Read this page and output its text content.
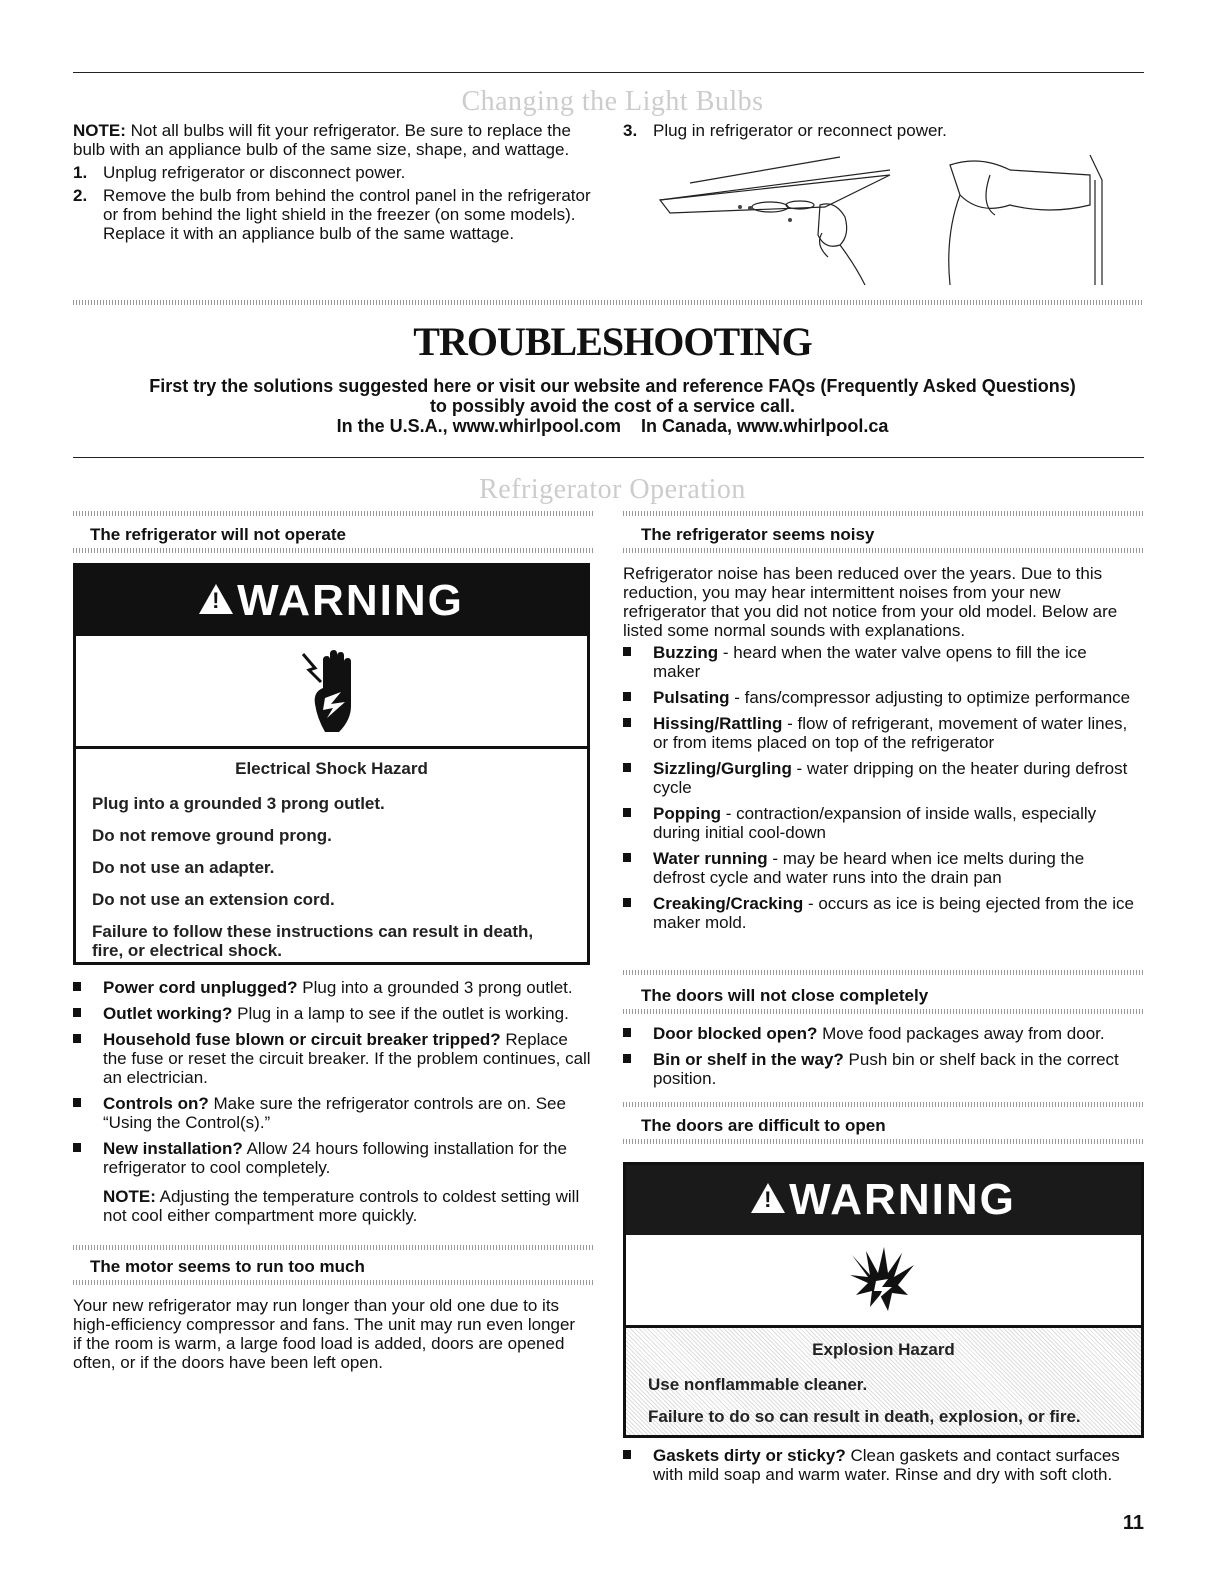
Changing the Light Bulbs
NOTE: Not all bulbs will fit your refrigerator. Be sure to replace the bulb with an appliance bulb of the same size, shape, and wattage.
1. Unplug refrigerator or disconnect power.
2. Remove the bulb from behind the control panel in the refrigerator or from behind the light shield in the freezer (on some models). Replace it with an appliance bulb of the same wattage.
3. Plug in refrigerator or reconnect power.
TROUBLESHOOTING
First try the solutions suggested here or visit our website and reference FAQs (Frequently Asked Questions)
to possibly avoid the cost of a service call.
In the U.S.A., www.whirlpool.com    In Canada, www.whirlpool.ca
Refrigerator Operation
The refrigerator will not operate
! WARNING
Electrical Shock Hazard

Plug into a grounded 3 prong outlet.

Do not remove ground prong.

Do not use an adapter.

Do not use an extension cord.

Failure to follow these instructions can result in death, fire, or electrical shock.

Power cord unplugged? Plug into a grounded 3 prong outlet.
Outlet working? Plug in a lamp to see if the outlet is working.
Household fuse blown or circuit breaker tripped? Replace the fuse or reset the circuit breaker. If the problem continues, call an electrician.
Controls on? Make sure the refrigerator controls are on. See “Using the Control(s).”
New installation? Allow 24 hours following installation for the refrigerator to cool completely.
NOTE: Adjusting the temperature controls to coldest setting will not cool either compartment more quickly.
The motor seems to run too much
Your new refrigerator may run longer than your old one due to its high-efficiency compressor and fans. The unit may run even longer if the room is warm, a large food load is added, doors are opened often, or if the doors have been left open.
The refrigerator seems noisy
Refrigerator noise has been reduced over the years. Due to this reduction, you may hear intermittent noises from your new refrigerator that you did not notice from your old model. Below are listed some normal sounds with explanations.
Buzzing - heard when the water valve opens to fill the ice maker
Pulsating - fans/compressor adjusting to optimize performance
Hissing/Rattling - flow of refrigerant, movement of water lines, or from items placed on top of the refrigerator
Sizzling/Gurgling - water dripping on the heater during defrost cycle
Popping - contraction/expansion of inside walls, especially during initial cool-down
Water running - may be heard when ice melts during the defrost cycle and water runs into the drain pan
Creaking/Cracking - occurs as ice is being ejected from the ice maker mold.
The doors will not close completely
Door blocked open? Move food packages away from door.
Bin or shelf in the way? Push bin or shelf back in the correct position.
The doors are difficult to open
! WARNING
Explosion Hazard

Use nonflammable cleaner.

Failure to do so can result in death, explosion, or fire.

Gaskets dirty or sticky? Clean gaskets and contact surfaces with mild soap and warm water. Rinse and dry with soft cloth.
11
